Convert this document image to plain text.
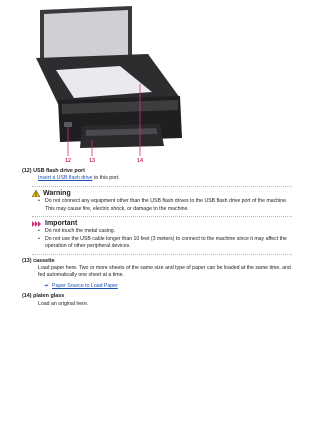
12	13	14

(12) USB flash drive port

Insert a USB flash drive to this port.
Warning
• Do not connect any equipment other than the USB flash drives to the USB flash drive port of the machine. This may cause fire, electric shock, or damage to the machine.
Important
• Do not touch the metal casing.
• Do not use the USB cable longer than 10 feet (3 meters) to connect to the machine since it may affect the operation of other peripheral devices.

(13) cassette

Load paper here. Two or more sheets of the same size and type of paper can be loaded at the same time, and fed automatically one sheet at a time.
➜ Paper Source to Load Paper

(14) platen glass

Load an original here.
